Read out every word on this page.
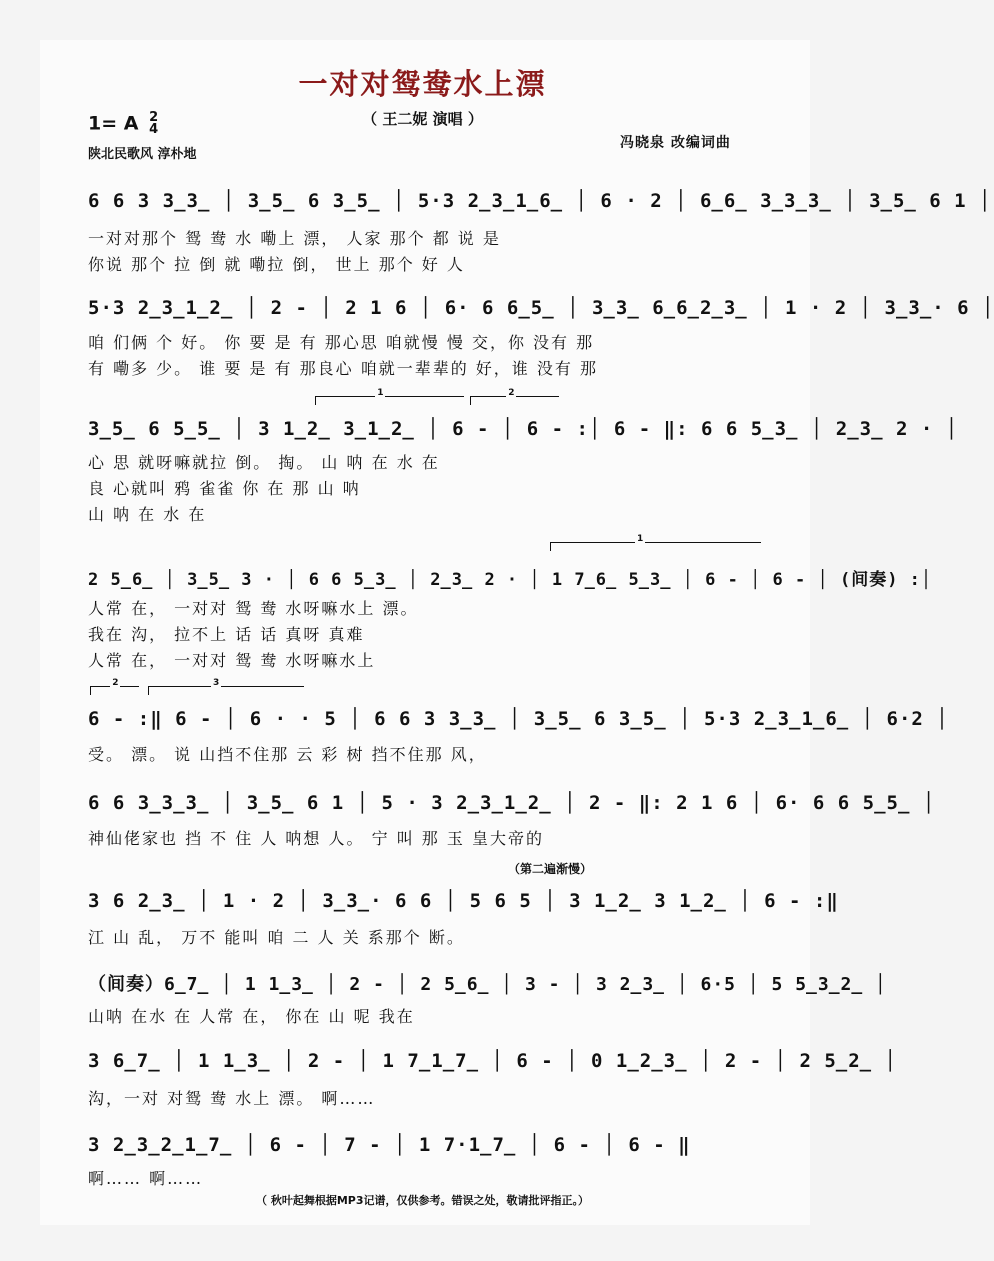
一对对鸳鸯水上漂
（ 王二妮 演唱 ）
1= A 2
4
陕北民歌风 淳朴地
冯晓泉 改编词曲
6 6 3 3̲3̲ │ 3̲5̲ 6 3̲5̲ │ 5·3 2̲3̲1̲6̲ │ 6 · 2 │ 6̲6̲ 3̲3̲3̲ │ 3̲5̲ 6 1 │
一对对那个 鸳 鸯 水 嘞上 漂， 人家 那个 都 说 是
你说 那个 拉 倒 就 嘞拉 倒， 世上 那个 好 人
5·3 2̲3̲1̲2̲ │ 2 - │ 2 1 6 │ 6· 6 6̲5̲ │ 3̲3̲ 6̲6̲2̲3̲ │ 1 · 2 │ 3̲3̲· 6 │
咱 们俩 个 好。 你 要 是 有 那心思 咱就慢 慢 交，你 没有 那
有 嘞多 少。 谁 要 是 有 那良心 咱就一辈辈的 好，谁 没有 那
1	2
3̲5̲ 6 5̲5̲ │ 3 1̲2̲ 3̲1̲2̲ │ 6 - │ 6 - :│ 6 - ‖: 6 6 5̲3̲ │ 2̲3̲ 2 · │
心 思 就呀嘛就拉 倒。 掏。 山 呐 在 水 在
良 心就叫 鸦 雀雀 你 在 那 山 呐
山 呐 在 水 在
1
2 5̲6̲ │ 3̲5̲ 3 · │ 6 6 5̲3̲ │ 2̲3̲ 2 · │ 1 7̲6̲ 5̲3̲ │ 6 - │ 6 - │ (间奏) :│
人常 在， 一对对 鸳 鸯 水呀嘛水上 漂。
我在 沟， 拉不上 话 话 真呀 真难
人常 在， 一对对 鸳 鸯 水呀嘛水上
2	3
6 - :‖ 6 - │ 6 · · 5 │ 6 6 3 3̲3̲ │ 3̲5̲ 6 3̲5̲ │ 5·3 2̲3̲1̲6̲ │ 6·2 │
受。 漂。 说 山挡不住那 云 彩 树 挡不住那 风，
6 6 3̲3̲3̲ │ 3̲5̲ 6 1 │ 5 · 3 2̲3̲1̲2̲ │ 2 - ‖: 2 1 6 │ 6· 6 6 5̲5̲ │
神仙佬家也 挡 不 住 人 呐想 人。 宁 叫 那 玉 皇大帝的
（第二遍渐慢）
3 6 2̲3̲ │ 1 · 2 │ 3̲3̲· 6 6 │ 5 6 5 │ 3 1̲2̲ 3 1̲2̲ │ 6 - :‖
江 山 乱， 万不 能叫 咱 二 人 关 系那个 断。
（间奏）6̲7̲ │ 1 1̲3̲ │ 2 - │ 2 5̲6̲ │ 3 - │ 3 2̲3̲ │ 6·5 │ 5 5̲3̲2̲ │
山呐 在水 在 人常 在， 你在 山 呢 我在
3 6̲7̲ │ 1 1̲3̲ │ 2 - │ 1 7̲1̲7̲ │ 6 - │ 0 1̲2̲3̲ │ 2 - │ 2 5̲2̲ │
沟，一对 对鸳 鸯 水上 漂。 啊……
3 2̲3̲2̲1̲7̲ │ 6 - │ 7 - │ 1 7·1̲7̲ │ 6 - │ 6 - ‖
啊…… 啊……
（ 秋叶起舞根据MP3记谱，仅供参考。错误之处，敬请批评指正。）
